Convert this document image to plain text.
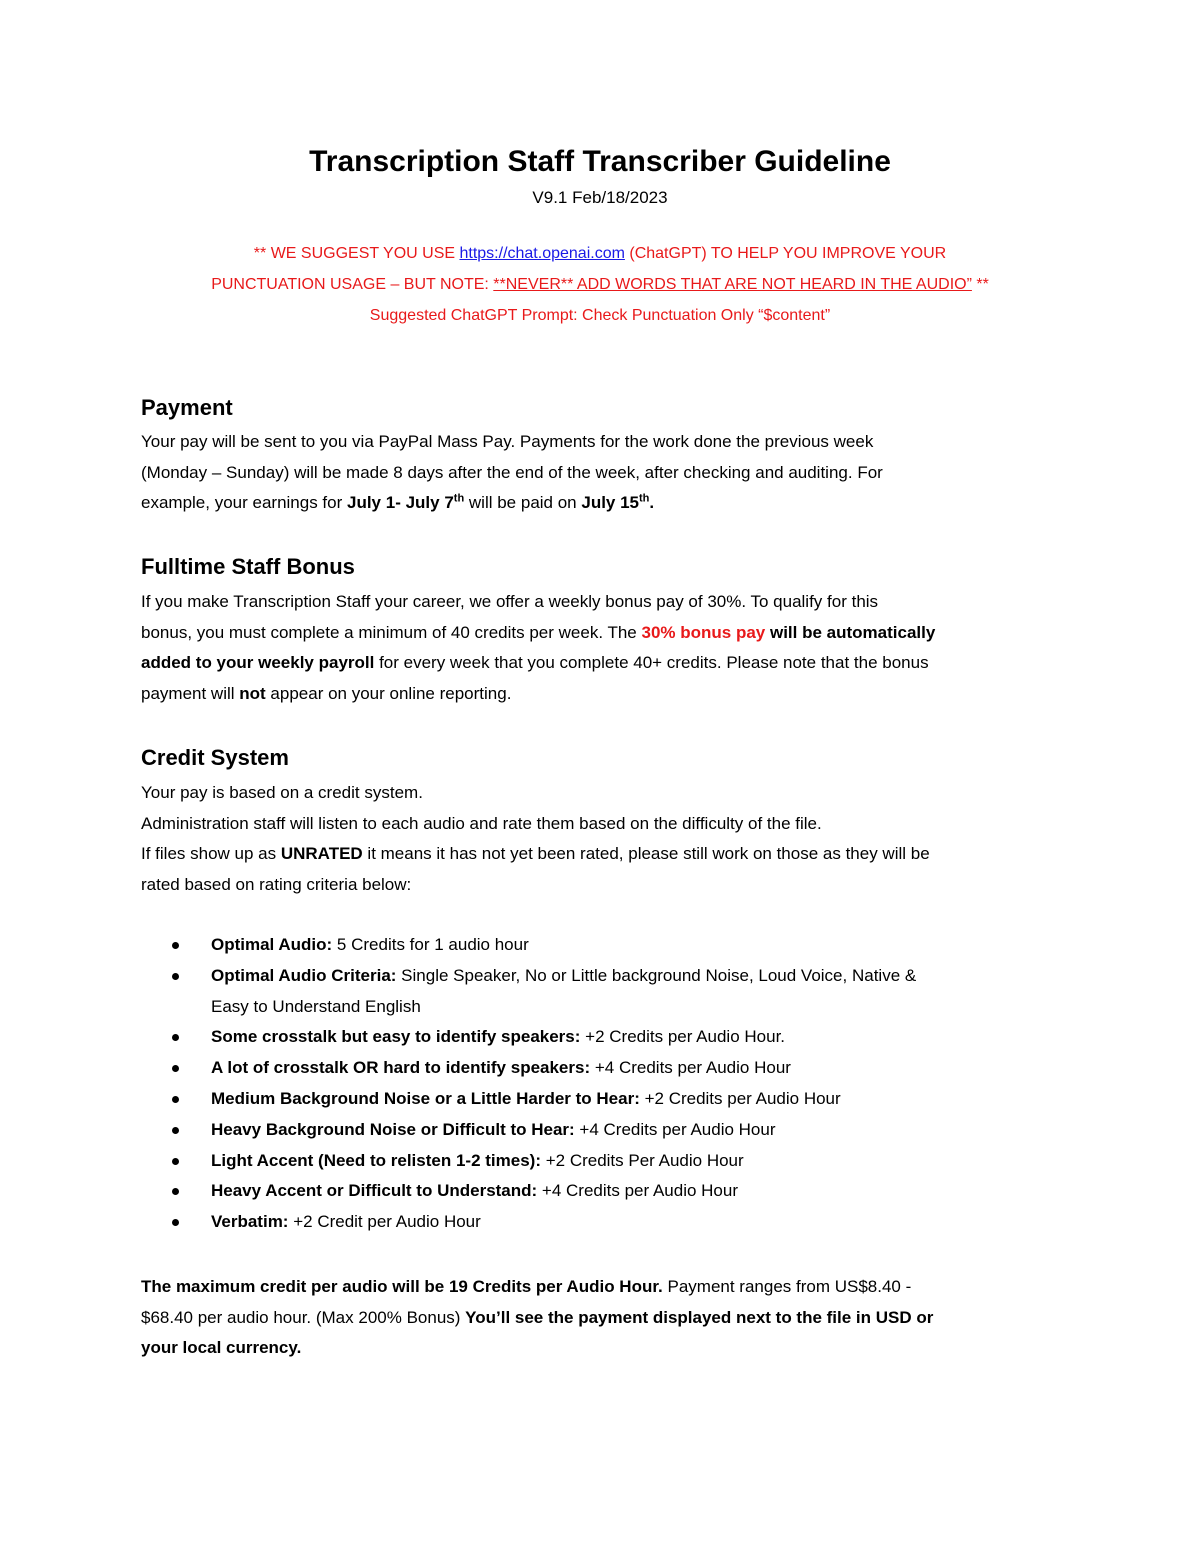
Transcription Staff Transcriber Guideline
V9.1 Feb/18/2023
** WE SUGGEST YOU USE https://chat.openai.com (ChatGPT) TO HELP YOU IMPROVE YOUR
PUNCTUATION USAGE – BUT NOTE: **NEVER** ADD WORDS THAT ARE NOT HEARD IN THE AUDIO” **
Suggested ChatGPT Prompt: Check Punctuation Only “$content”
Payment
Your pay will be sent to you via PayPal Mass Pay. Payments for the work done the previous week
(Monday – Sunday) will be made 8 days after the end of the week, after checking and auditing. For
example, your earnings for July 1- July 7th will be paid on July 15th.
Fulltime Staff Bonus
If you make Transcription Staff your career, we offer a weekly bonus pay of 30%. To qualify for this
bonus, you must complete a minimum of 40 credits per week. The 30% bonus pay will be automatically
added to your weekly payroll for every week that you complete 40+ credits. Please note that the bonus
payment will not appear on your online reporting.
Credit System
Your pay is based on a credit system.
Administration staff will listen to each audio and rate them based on the difficulty of the file.
If files show up as UNRATED it means it has not yet been rated, please still work on those as they will be
rated based on rating criteria below:
Optimal Audio: 5 Credits for 1 audio hour
Optimal Audio Criteria: Single Speaker, No or Little background Noise, Loud Voice, Native &
Easy to Understand English
Some crosstalk but easy to identify speakers: +2 Credits per Audio Hour.
A lot of crosstalk OR hard to identify speakers: +4 Credits per Audio Hour
Medium Background Noise or a Little Harder to Hear: +2 Credits per Audio Hour
Heavy Background Noise or Difficult to Hear: +4 Credits per Audio Hour
Light Accent (Need to relisten 1-2 times): +2 Credits Per Audio Hour
Heavy Accent or Difficult to Understand: +4 Credits per Audio Hour
Verbatim: +2 Credit per Audio Hour
The maximum credit per audio will be 19 Credits per Audio Hour. Payment ranges from US$8.40 -
$68.40 per audio hour. (Max 200% Bonus) You’ll see the payment displayed next to the file in USD or
your local currency.
